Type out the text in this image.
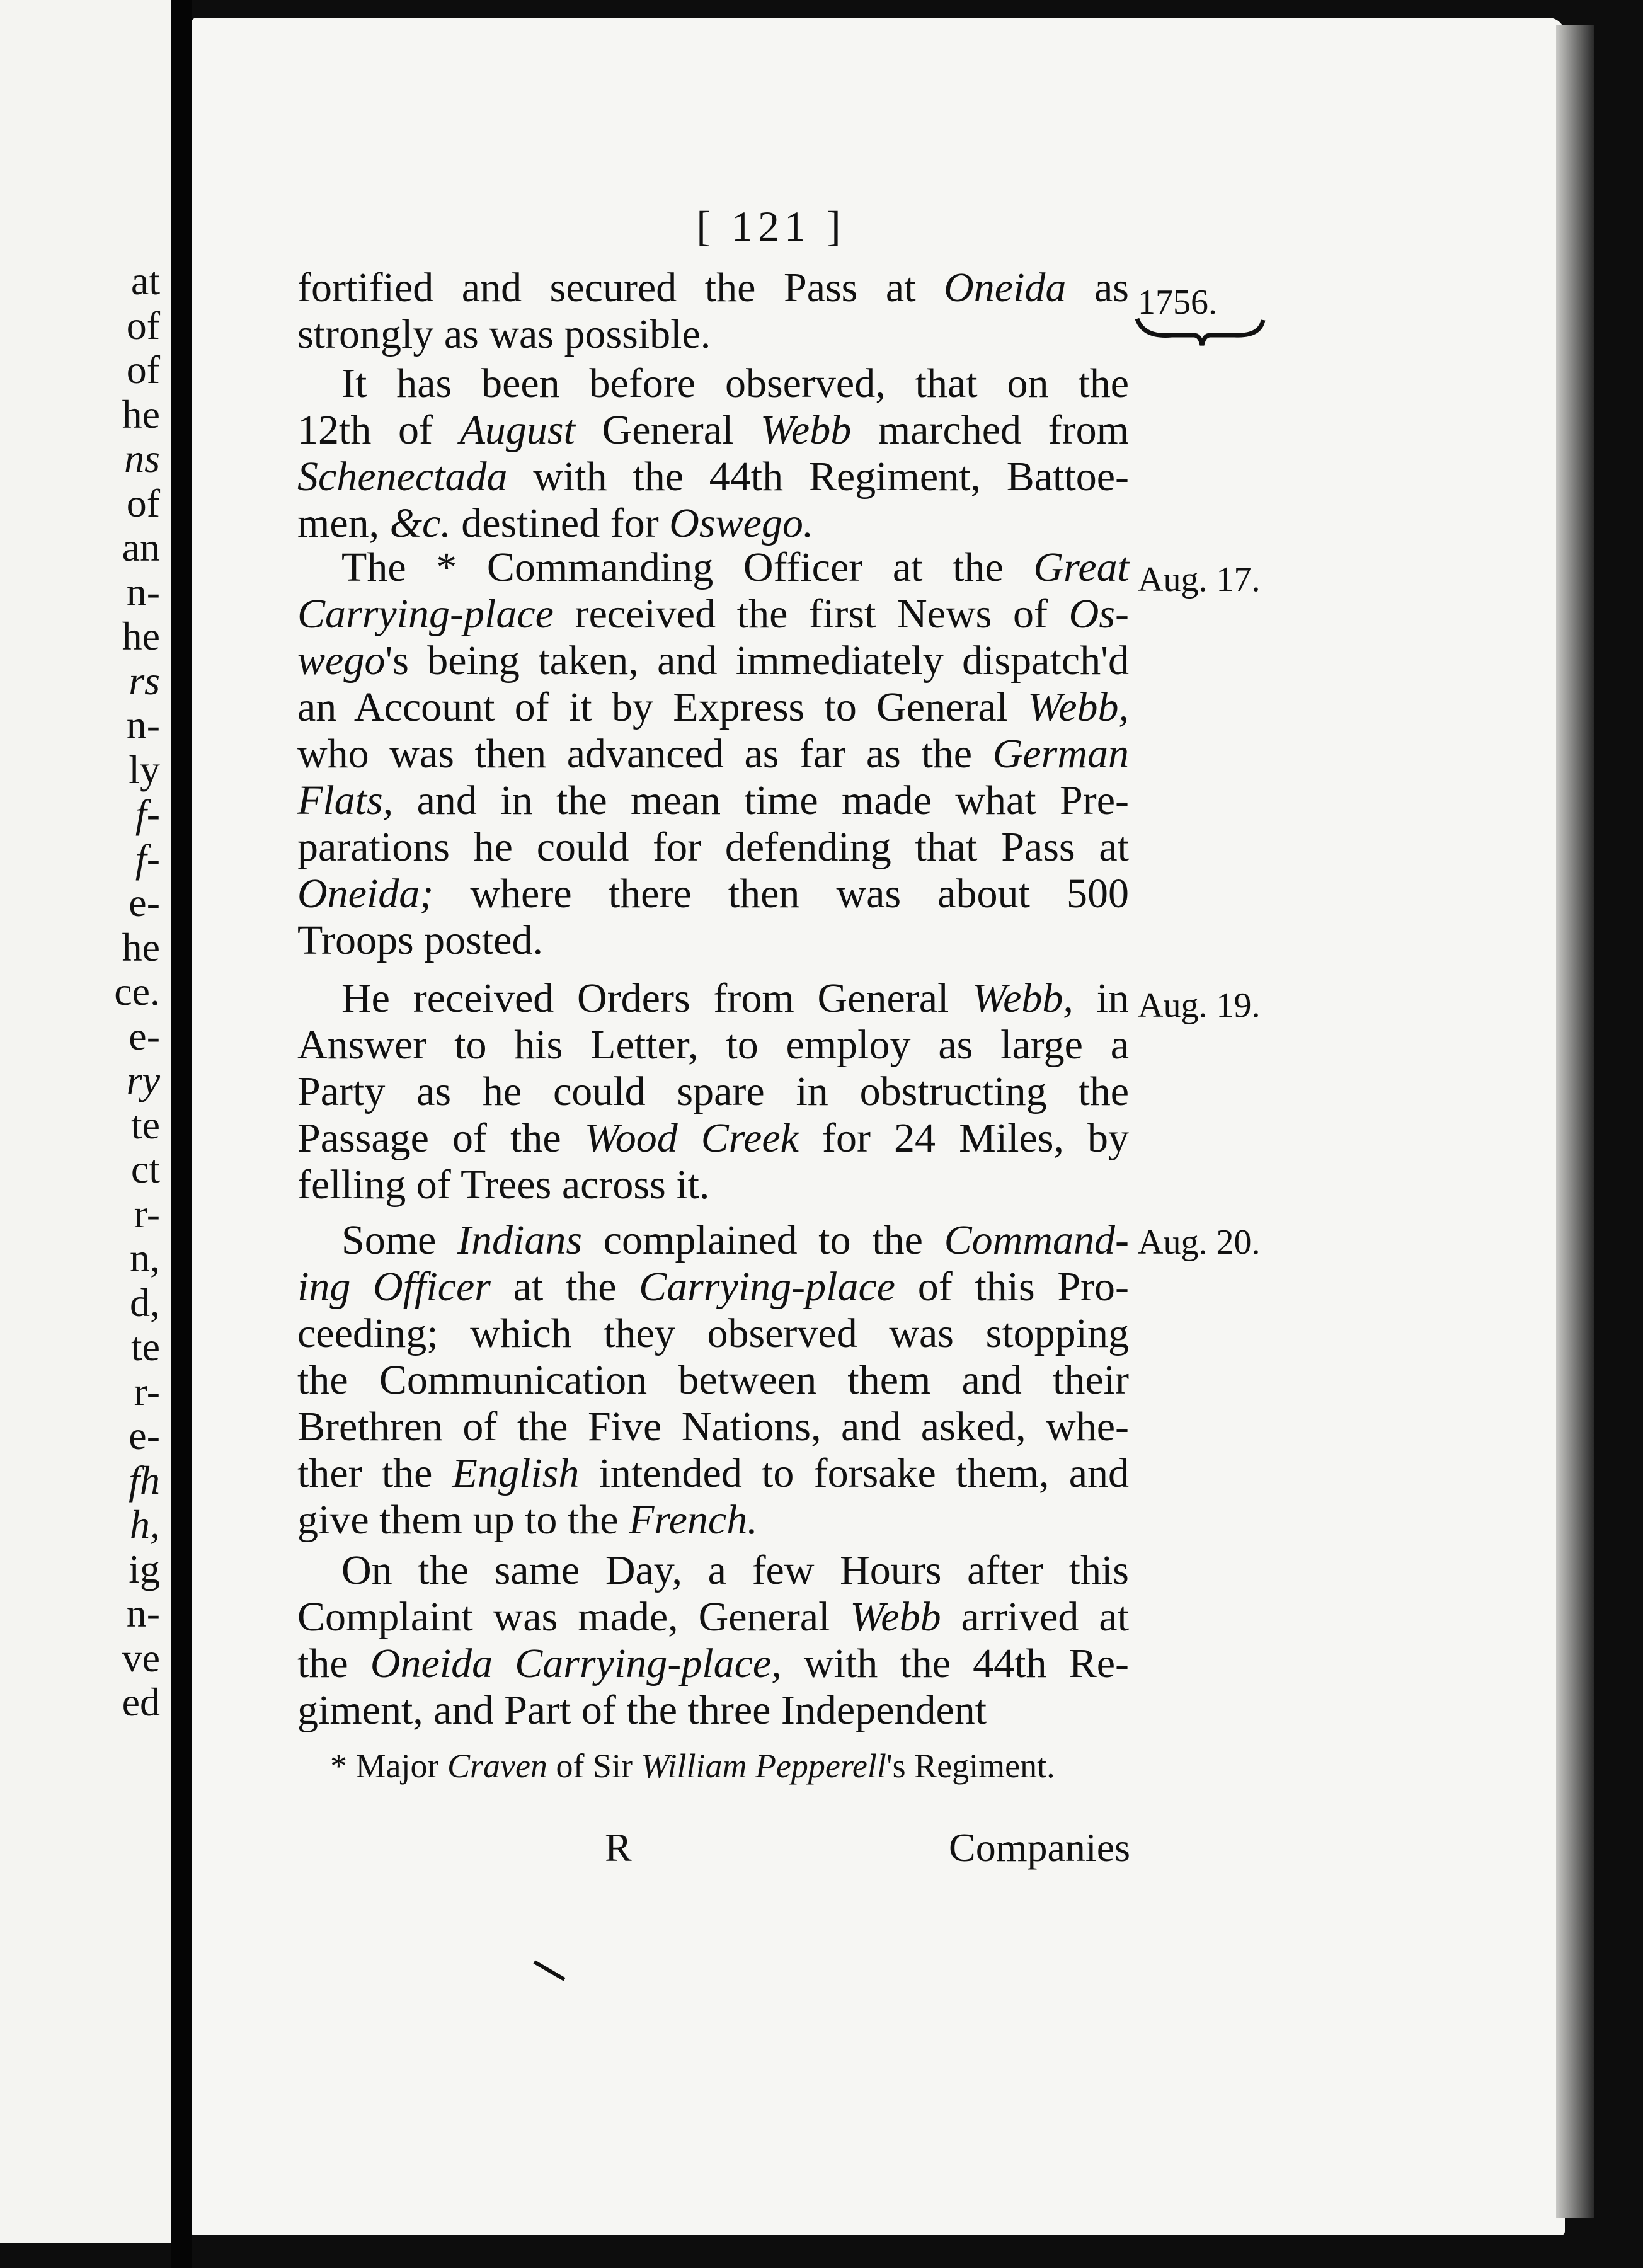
at
of
of
he
ns
of
an
n-
he
rs
n-
ly
f-
f-
e-
he
ce.
e-
ry
te
ct
r-
n,
d,
te
r-
e-
fh
h,
ig
n-
ve
ed
[ 121 ]
1756.
Aug. 17.
Aug. 19.
Aug. 20.
fortified and secured the Pass at Oneida as
strongly as was possible.
It has been before observed, that on the
12th of August General Webb marched from
Schenectada with the 44th Regiment, Battoe-
men, &c. destined for Oswego.
The * Commanding Officer at the Great
Carrying-place received the first News of Os-
wego's being taken, and immediately dispatch'd
an Account of it by Express to General Webb,
who was then advanced as far as the German
Flats, and in the mean time made what Pre-
parations he could for defending that Pass at
Oneida; where there then was about 500
Troops posted.
He received Orders from General Webb, in
Answer to his Letter, to employ as large a
Party as he could spare in obstructing the
Passage of the Wood Creek for 24 Miles, by
felling of Trees across it.
Some Indians complained to the Command-
ing Officer at the Carrying-place of this Pro-
ceeding; which they observed was stopping
the Communication between them and their
Brethren of the Five Nations, and asked, whe-
ther the English intended to forsake them, and
give them up to the French.
On the same Day, a few Hours after this
Complaint was made, General Webb arrived at
the Oneida Carrying-place, with the 44th Re-
giment, and Part of the three Independent
* Major Craven of Sir William Pepperell's Regiment.
R	Companies
